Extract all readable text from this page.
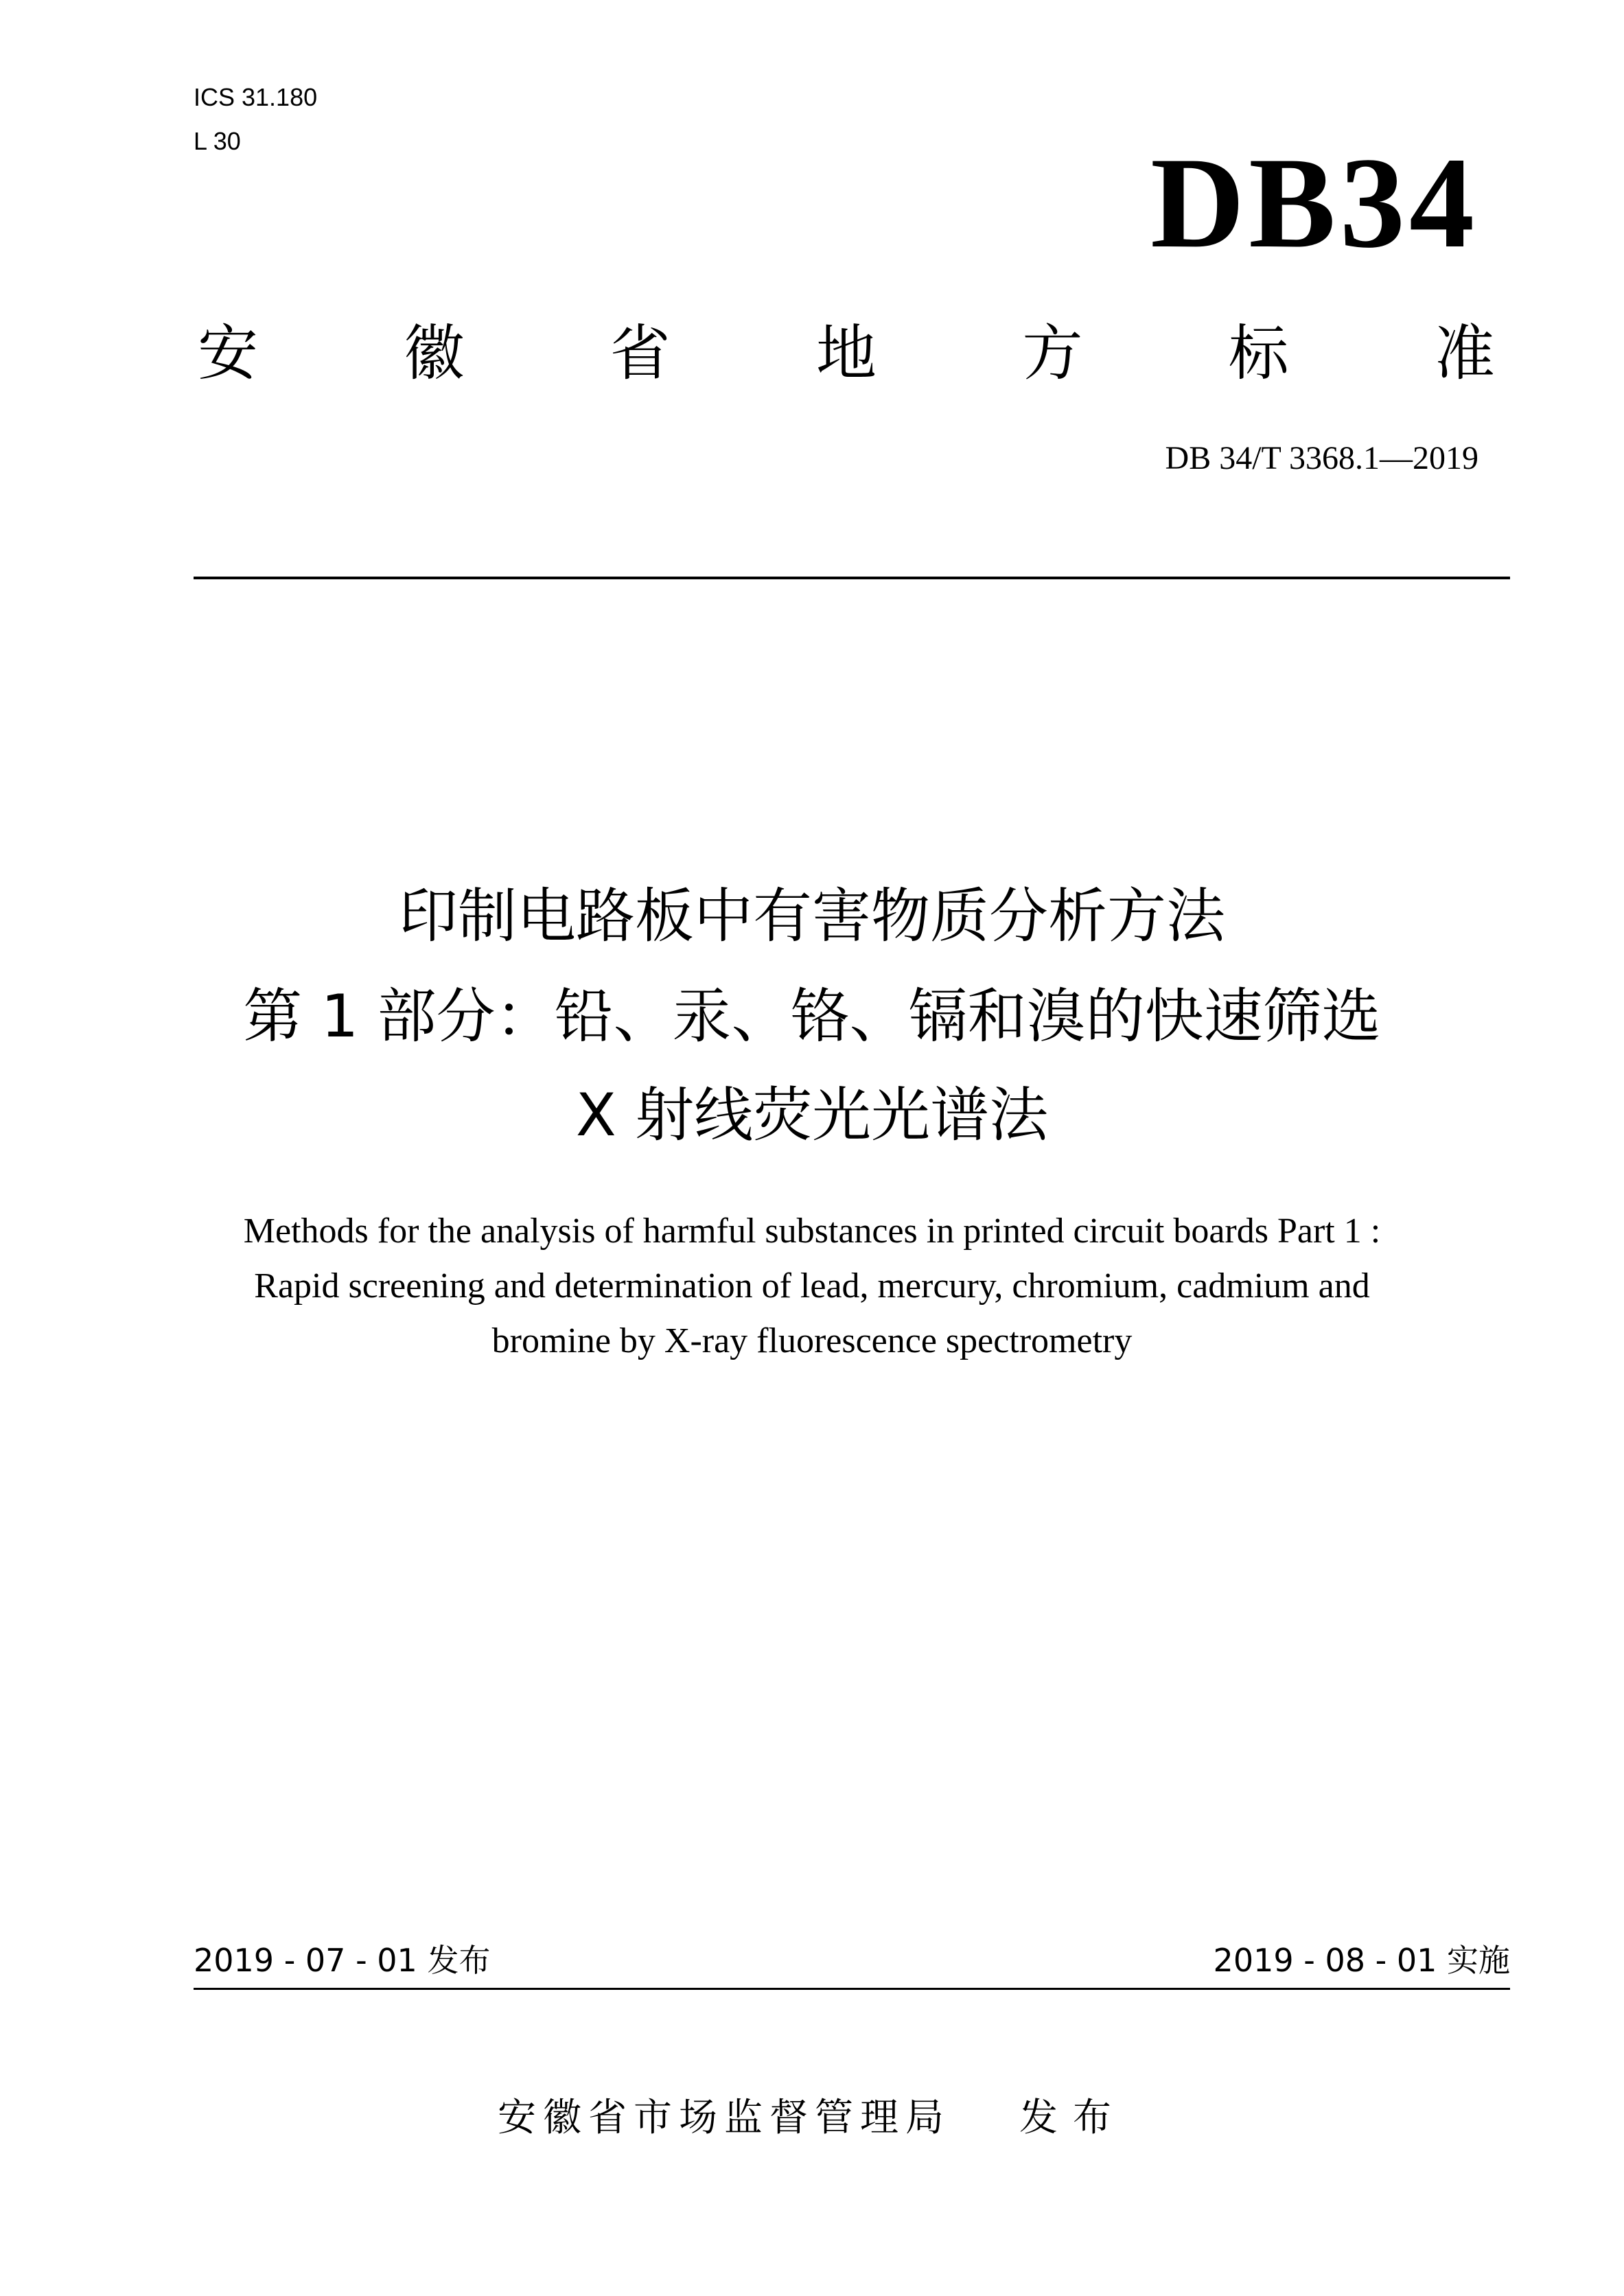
ICS 31.180
L 30	DB34
安 徽 省 地 方 标 准
DB 34/T 3368.1—2019
印制电路板中有害物质分析方法
第 1 部分：铅、汞、铬、镉和溴的快速筛选
X 射线荧光光谱法
Methods for the analysis of harmful substances in printed circuit boards Part 1 :
Rapid screening and determination of lead, mercury, chromium, cadmium and
bromine by X-ray fluorescence spectrometry
2019 - 07 - 01 发布	2019 - 08 - 01 实施
安徽省市场监督管理局 发布
